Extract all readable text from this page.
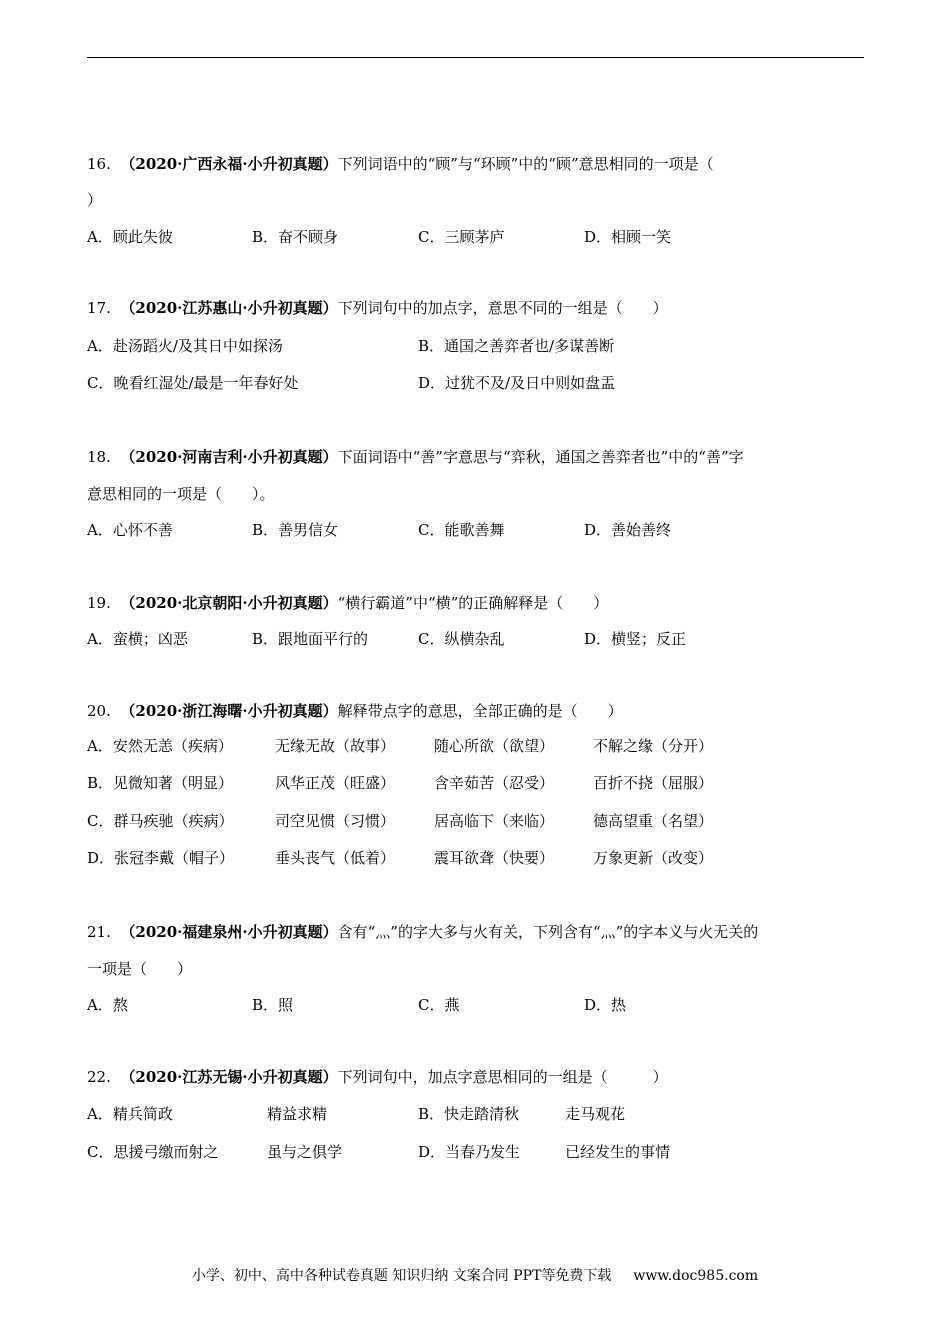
16. （2020·广西永福·小升初真题）下列词语中的“顾”与“环顾”中的“顾”意思相同的一项是（
）
A．顾此失彼	B．奋不顾身	C．三顾茅庐	D．相顾一笑
17. （2020·江苏惠山·小升初真题）下列词句中的加点字，意思不同的一组是（　　）
A．赴汤蹈火/及其日中如探汤	B．通国之善弈者也/多谋善断
C．晚看红湿处/最是一年春好处	D．过犹不及/及日中则如盘盂
18. （2020·河南吉利·小升初真题）下面词语中“善”字意思与“弈秋，通国之善弈者也”中的“善”字
意思相同的一项是（　　）。
A．心怀不善	B．善男信女	C．能歌善舞	D．善始善终
19. （2020·北京朝阳·小升初真题）“横行霸道”中“横”的正确解释是（　　）
A．蛮横；凶恶	B．跟地面平行的	C．纵横杂乱	D．横竖；反正
20. （2020·浙江海曙·小升初真题）解释带点字的意思，全部正确的是（　　）
A．安然无恙（疾病）	无缘无故（故事）	随心所欲（欲望）	不解之缘（分开）
B．见微知著（明显）	风华正茂（旺盛）	含辛茹苦（忍受）	百折不挠（屈服）
C．群马疾驰（疾病）	司空见惯（习惯）	居高临下（来临）	德高望重（名望）
D．张冠李戴（帽子）	垂头丧气（低着）	震耳欲聋（快要）	万象更新（改变）
21. （2020·福建泉州·小升初真题）含有“灬”的字大多与火有关，下列含有“灬”的字本义与火无关的
一项是（　　）
A．熬	B．照	C．燕	D．热
22. （2020·江苏无锡·小升初真题）下列词句中，加点字意思相同的一组是（　　　）
A．精兵简政	精益求精	B．快走踏清秋	走马观花
C．思援弓缴而射之	虽与之俱学	D．当春乃发生	已经发生的事情
小学、初中、高中各种试卷真题 知识归纳 文案合同 PPT等免费下载 www.doc985.com
